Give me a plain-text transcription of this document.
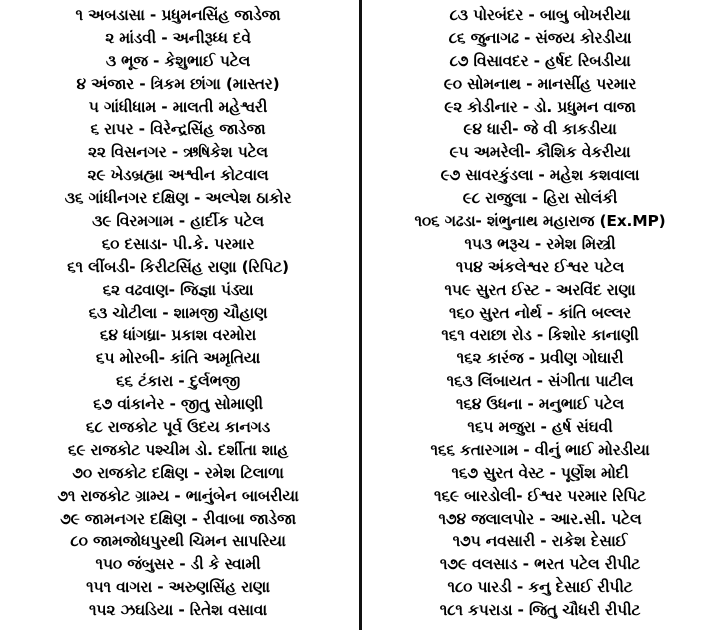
૧ અબડાસા - પ્રધુમનસિંહ જાડેજા
૨ માંડવી - અનીરૂધ્ધ દવે
૩ ભૂજ - કેશુભાઈ પટેલ
૪ અંજાર - ત્રિકમ છાંગા (માસ્તર)
૫ ગાંધીધામ - માલતી મહેશ્વરી
૬ રાપર - વિરેન્દ્રસિંહ જાડેજા
૨૨ વિસનગર - ઋષિકેશ પટેલ
૨૯ ખેડબ્રહ્મા અશ્વીન કોટવાલ
૩૬ ગાંધીનગર દક્ષિણ - અલ્પેશ ઠાકોર
૩૯ વિરમગામ - હાર્દીક પટેલ
૬૦ દસાડા- પી.કે. પરમાર
૬૧ લીંબડી- કિરીટસિંહ રાણા (રિપિટ)
૬૨ વઢવાણ- જિજ્ઞા પંડ્યા
૬૩ ચોટીલા - શામજી ચૌહાણ
૬૪ ધાંગધ્રા- પ્રકાશ વરમોરા
૬૫ મોરબી- કાંતિ અમૃતિયા
૬૬ ટંકારા - દુર્લભજી
૬૭ વાંકાનેર - જીતુ સોમાણી
૬૮ રાજકોટ પૂર્વ ઉદય કાનગડ
૬૯ રાજકોટ પશ્ચીમ ડો. દર્શીતા શાહ
૭૦ રાજકોટ દક્ષિણ - રમેશ ટિલાળા
૭૧ રાજકોટ ગ્રામ્ય - ભાનુંબેન બાબરીયા
૭૯ જામનગર દક્ષિણ - રીવાબા જાડેજા
૮૦ જામજોધપુરથી ચિમન સાપરિયા
૧૫૦ જંબુસર - ડી કે સ્વામી
૧૫૧ વાગરા - અરુણસિંહ રાણા
૧૫૨ ઝઘડિયા - રિતેશ વસાવા
૮૩ પોરબંદર - બાબુ બોખરીયા
૮૬ જુનાગઢ - સંજય કોરડીયા
૮૭ વિસાવદર - હર્ષદ રિબડીયા
૯૦ સોમનાથ - માનસીંહ પરમાર
૯૨ કોડીનાર - ડો. પ્રધુમન વાજા
૯૪ ધારી- જે વી કાકડીયા
૯૫ અમરેલી- કૌશિક વેકરીયા
૯૭ સાવરકુંડલા - મહેશ કશવાલા
૯૮ રાજુલા - હિરા સોલંકી
૧૦૬ ગઢડા- શંભુનાથ મહારાજ (Ex.MP)
૧૫૩ ભરૂચ - રમેશ મિસ્ત્રી
૧૫૪ અંકલેશ્વર ઈશ્વર પટેલ
૧૫૯ સુરત ઈસ્ટ - અરવિંદ રાણા
૧૬૦ સુરત નોર્થ - કાંતિ બલ્લર
૧૬૧ વરાછા રોડ - કિશોર કાનાણી
૧૬૨ કારંજ - પ્રવીણ ગોઘારી
૧૬૩ લિંબાયત - સંગીતા પાટીલ
૧૬૪ ઉધના - મનુભાઈ પટેલ
૧૬૫ મજુરા - હર્ષ સંઘવી
૧૬૬ કતારગામ - વીનું ભાઈ મોરડીયા
૧૬૭ સુરત વેસ્ટ - પૂર્ણેશ મોદી
૧૬૯ બારડોલી- ઈશ્વર પરમાર રિપિટ
૧૭૪ જલાલપોર - આર.સી. પટેલ
૧૭૫ નવસારી - રાકેશ દેસાઈ
૧૭૯ વલસાડ - ભરત પટેલ રીપીટ
૧૮૦ પારડી - કનુ દેસાઈ રીપીટ
૧૮૧ કપરાડા - જિતુ ચૌધરી રીપીટ
